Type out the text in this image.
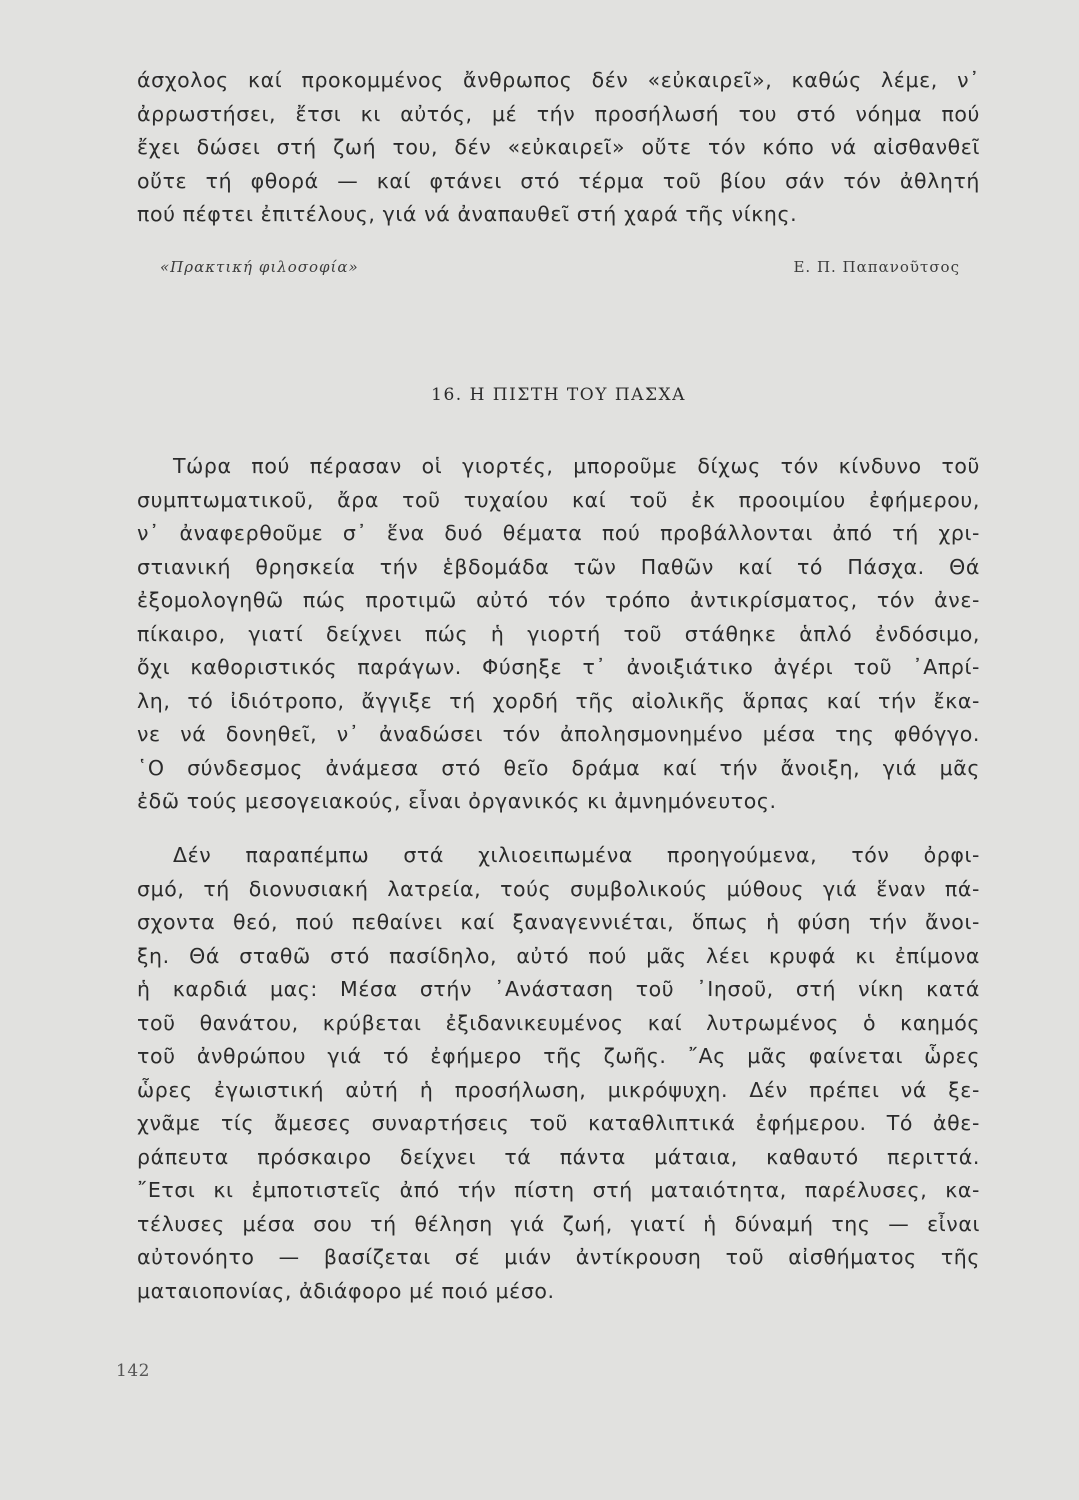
άσχολος καί προκομμένος ἄνθρωπος δέν «εὐκαιρεῖ», καθώς λέμε, ν᾽
ἀρρωστήσει, ἔτσι κι αὐτός, μέ τήν προσήλωσή του στό νόημα πού
ἔχει δώσει στή ζωή του, δέν «εὐκαιρεῖ» οὔτε τόν κόπο νά αἰσθανθεῖ
οὔτε τή φθορά — καί φτάνει στό τέρμα τοῦ βίου σάν τόν ἀθλητή
πού πέφτει ἐπιτέλους, γιά νά ἀναπαυθεῖ στή χαρά τῆς νίκης.
«Πρακτική φιλοσοφία»	Ε. Π. Παπανοῦτσος
16. Η ΠΙΣΤΗ ΤΟΥ ΠΑΣΧΑ
Τώρα πού πέρασαν οἱ γιορτές, μποροῦμε δίχως τόν κίνδυνο τοῦ
συμπτωματικοῦ, ἄρα τοῦ τυχαίου καί τοῦ ἐκ προοιμίου ἐφήμερου,
ν᾽ ἀναφερθοῦμε σ᾽ ἕνα δυό θέματα πού προβάλλονται ἀπό τή χρι-
στιανική θρησκεία τήν ἑβδομάδα τῶν Παθῶν καί τό Πάσχα. Θά
ἐξομολογηθῶ πώς προτιμῶ αὐτό τόν τρόπο ἀντικρίσματος, τόν ἀνε-
πίκαιρο, γιατί δείχνει πώς ἡ γιορτή τοῦ στάθηκε ἁπλό ἐνδόσιμο,
ὄχι καθοριστικός παράγων. Φύσηξε τ᾽ ἀνοιξιάτικο ἀγέρι τοῦ ᾽Απρί-
λη, τό ἰδιότροπο, ἄγγιξε τή χορδή τῆς αἰολικῆς ἅρπας καί τήν ἔκα-
νε νά δονηθεῖ, ν᾽ ἀναδώσει τόν ἀπολησμονημένο μέσα της φθόγγο.
῾Ο σύνδεσμος ἀνάμεσα στό θεῖο δράμα καί τήν ἄνοιξη, γιά μᾶς
ἐδῶ τούς μεσογειακούς, εἶναι ὀργανικός κι ἀμνημόνευτος.
Δέν παραπέμπω στά χιλιοειπωμένα προηγούμενα, τόν ὀρφι-
σμό, τή διονυσιακή λατρεία, τούς συμβολικούς μύθους γιά ἕναν πά-
σχοντα θεό, πού πεθαίνει καί ξαναγεννιέται, ὅπως ἡ φύση τήν ἄνοι-
ξη. Θά σταθῶ στό πασίδηλο, αὐτό πού μᾶς λέει κρυφά κι ἐπίμονα
ἡ καρδιά μας: Μέσα στήν ᾽Ανάσταση τοῦ ᾽Ιησοῦ, στή νίκη κατά
τοῦ θανάτου, κρύβεται ἐξιδανικευμένος καί λυτρωμένος ὁ καημός
τοῦ ἀνθρώπου γιά τό ἐφήμερο τῆς ζωῆς. ῎Ας μᾶς φαίνεται ὧρες
ὧρες ἐγωιστική αὐτή ἡ προσήλωση, μικρόψυχη. Δέν πρέπει νά ξε-
χνᾶμε τίς ἄμεσες συναρτήσεις τοῦ καταθλιπτικά ἐφήμερου. Τό ἀθε-
ράπευτα πρόσκαιρο δείχνει τά πάντα μάταια, καθαυτό περιττά.
῎Ετσι κι ἐμποτιστεῖς ἀπό τήν πίστη στή ματαιότητα, παρέλυσες, κα-
τέλυσες μέσα σου τή θέληση γιά ζωή, γιατί ἡ δύναμή της — εἶναι
αὐτονόητο — βασίζεται σέ μιάν ἀντίκρουση τοῦ αἰσθήματος τῆς
ματαιοπονίας, ἀδιάφορο μέ ποιό μέσο.
142
